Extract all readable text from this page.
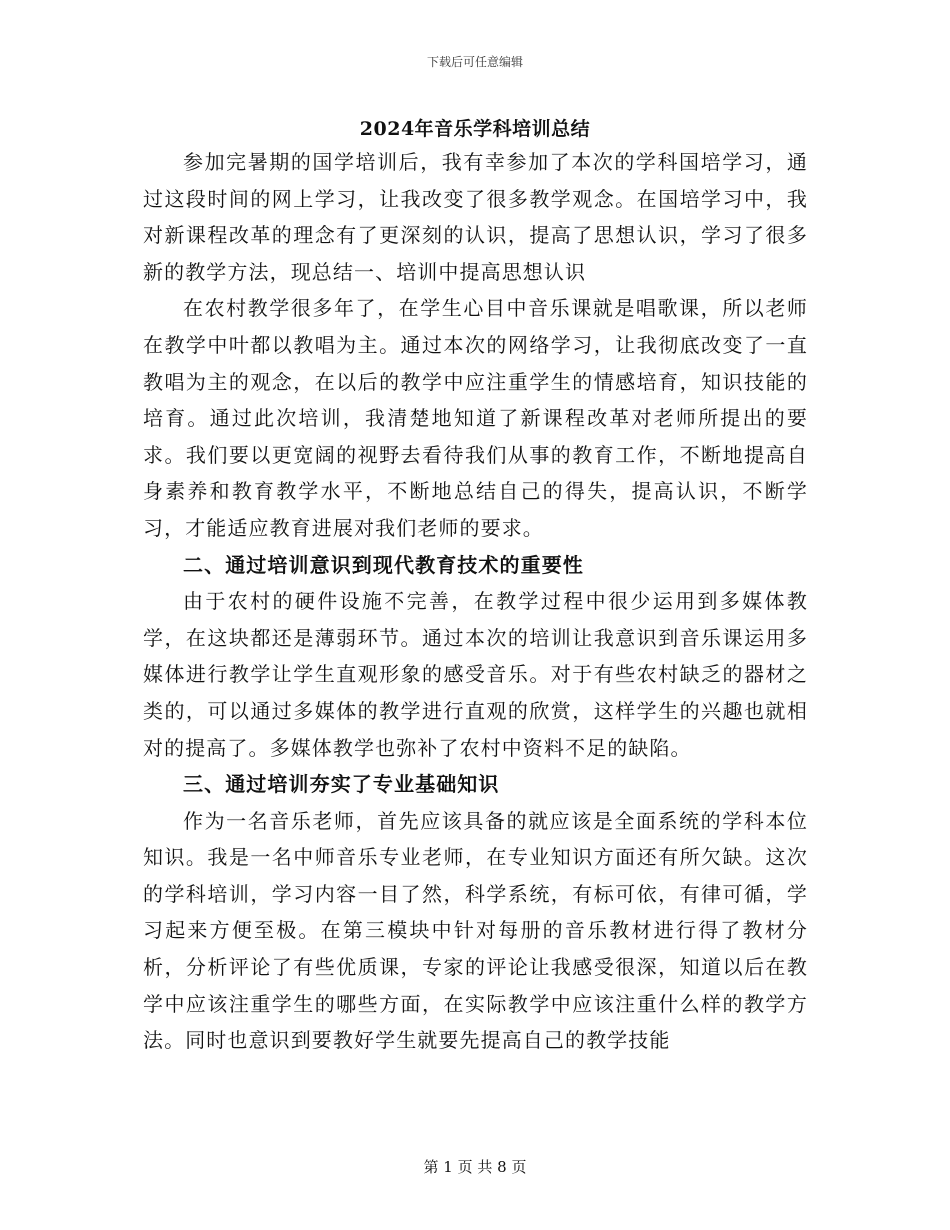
下载后可任意编辑
2024年音乐学科培训总结

参加完暑期的国学培训后，我有幸参加了本次的学科国培学习，通过这段时间的网上学习，让我改变了很多教学观念。在国培学习中，我对新课程改革的理念有了更深刻的认识，提高了思想认识，学习了很多新的教学方法，现总结一、培训中提高思想认识

在农村教学很多年了，在学生心目中音乐课就是唱歌课，所以老师在教学中叶都以教唱为主。通过本次的网络学习，让我彻底改变了一直教唱为主的观念，在以后的教学中应注重学生的情感培育，知识技能的培育。通过此次培训，我清楚地知道了新课程改革对老师所提出的要求。我们要以更宽阔的视野去看待我们从事的教育工作，不断地提高自身素养和教育教学水平，不断地总结自己的得失，提高认识，不断学习，才能适应教育进展对我们老师的要求。

二、通过培训意识到现代教育技术的重要性

由于农村的硬件设施不完善，在教学过程中很少运用到多媒体教学，在这块都还是薄弱环节。通过本次的培训让我意识到音乐课运用多媒体进行教学让学生直观形象的感受音乐。对于有些农村缺乏的器材之类的，可以通过多媒体的教学进行直观的欣赏，这样学生的兴趣也就相对的提高了。多媒体教学也弥补了农村中资料不足的缺陷。

三、通过培训夯实了专业基础知识

作为一名音乐老师，首先应该具备的就应该是全面系统的学科本位知识。我是一名中师音乐专业老师，在专业知识方面还有所欠缺。这次的学科培训，学习内容一目了然，科学系统，有标可依，有律可循，学习起来方便至极。在第三模块中针对每册的音乐教材进行得了教材分析，分析评论了有些优质课，专家的评论让我感受很深，知道以后在教学中应该注重学生的哪些方面，在实际教学中应该注重什么样的教学方法。同时也意识到要教好学生就要先提高自己的教学技能

第 1 页 共 8 页
